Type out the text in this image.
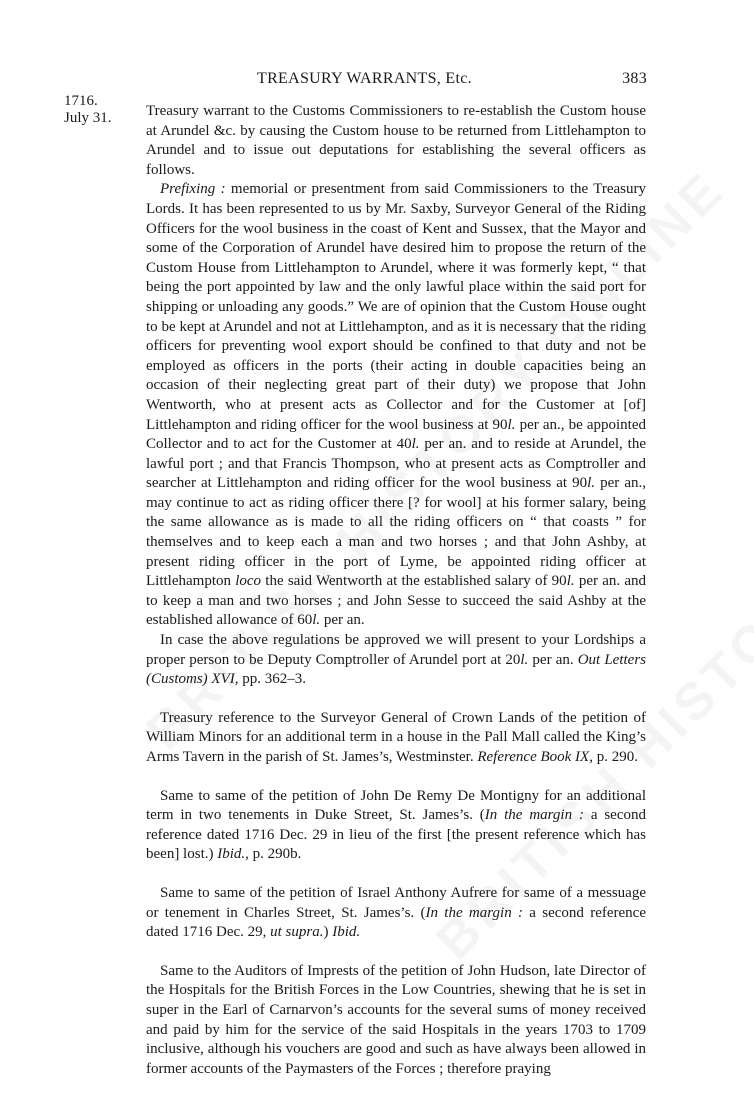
TREASURY WARRANTS, Etc.	383
1716.
July 31. Treasury warrant to the Customs Commissioners to re-establish the Custom house at Arundel &c. by causing the Custom house to be returned from Littlehampton to Arundel and to issue out deputations for establishing the several officers as follows.

Prefixing : memorial or presentment from said Commissioners to the Treasury Lords. It has been represented to us by Mr. Saxby, Surveyor General of the Riding Officers for the wool business in the coast of Kent and Sussex, that the Mayor and some of the Corporation of Arundel have desired him to propose the return of the Custom House from Littlehampton to Arundel, where it was formerly kept, “ that being the port appointed by law and the only lawful place within the said port for shipping or unloading any goods.” We are of opinion that the Custom House ought to be kept at Arundel and not at Littlehampton, and as it is necessary that the riding officers for preventing wool export should be confined to that duty and not be employed as officers in the ports (their acting in double capacities being an occasion of their neglecting great part of their duty) we propose that John Wentworth, who at present acts as Collector and for the Customer at [of] Littlehampton and riding officer for the wool business at 90l. per an., be appointed Collector and to act for the Customer at 40l. per an. and to reside at Arundel, the lawful port ; and that Francis Thompson, who at present acts as Comptroller and searcher at Littlehampton and riding officer for the wool business at 90l. per an., may continue to act as riding officer there [? for wool] at his former salary, being the same allowance as is made to all the riding officers on “ that coasts ” for themselves and to keep each a man and two horses ; and that John Ashby, at present riding officer in the port of Lyme, be appointed riding officer at Littlehampton loco the said Wentworth at the established salary of 90l. per an. and to keep a man and two horses ; and John Sesse to succeed the said Ashby at the established allowance of 60l. per an.

In case the above regulations be approved we will present to your Lordships a proper person to be Deputy Comptroller of Arundel port at 20l. per an. Out Letters (Customs) XVI, pp. 362–3.

Treasury reference to the Surveyor General of Crown Lands of the petition of William Minors for an additional term in a house in the Pall Mall called the King’s Arms Tavern in the parish of St. James’s, Westminster. Reference Book IX, p. 290.

Same to same of the petition of John De Remy De Montigny for an additional term in two tenements in Duke Street, St. James’s. (In the margin : a second reference dated 1716 Dec. 29 in lieu of the first [the present reference which has been] lost.) Ibid., p. 290b.

Same to same of the petition of Israel Anthony Aufrere for same of a messuage or tenement in Charles Street, St. James’s. (In the margin : a second reference dated 1716 Dec. 29, ut supra.) Ibid.

Same to the Auditors of Imprests of the petition of John Hudson, late Director of the Hospitals for the British Forces in the Low Countries, shewing that he is set in super in the Earl of Carnarvon’s accounts for the several sums of money received and paid by him for the service of the said Hospitals in the years 1703 to 1709 inclusive, although his vouchers are good and such as have always been allowed in former accounts of the Paymasters of the Forces ; therefore praying
